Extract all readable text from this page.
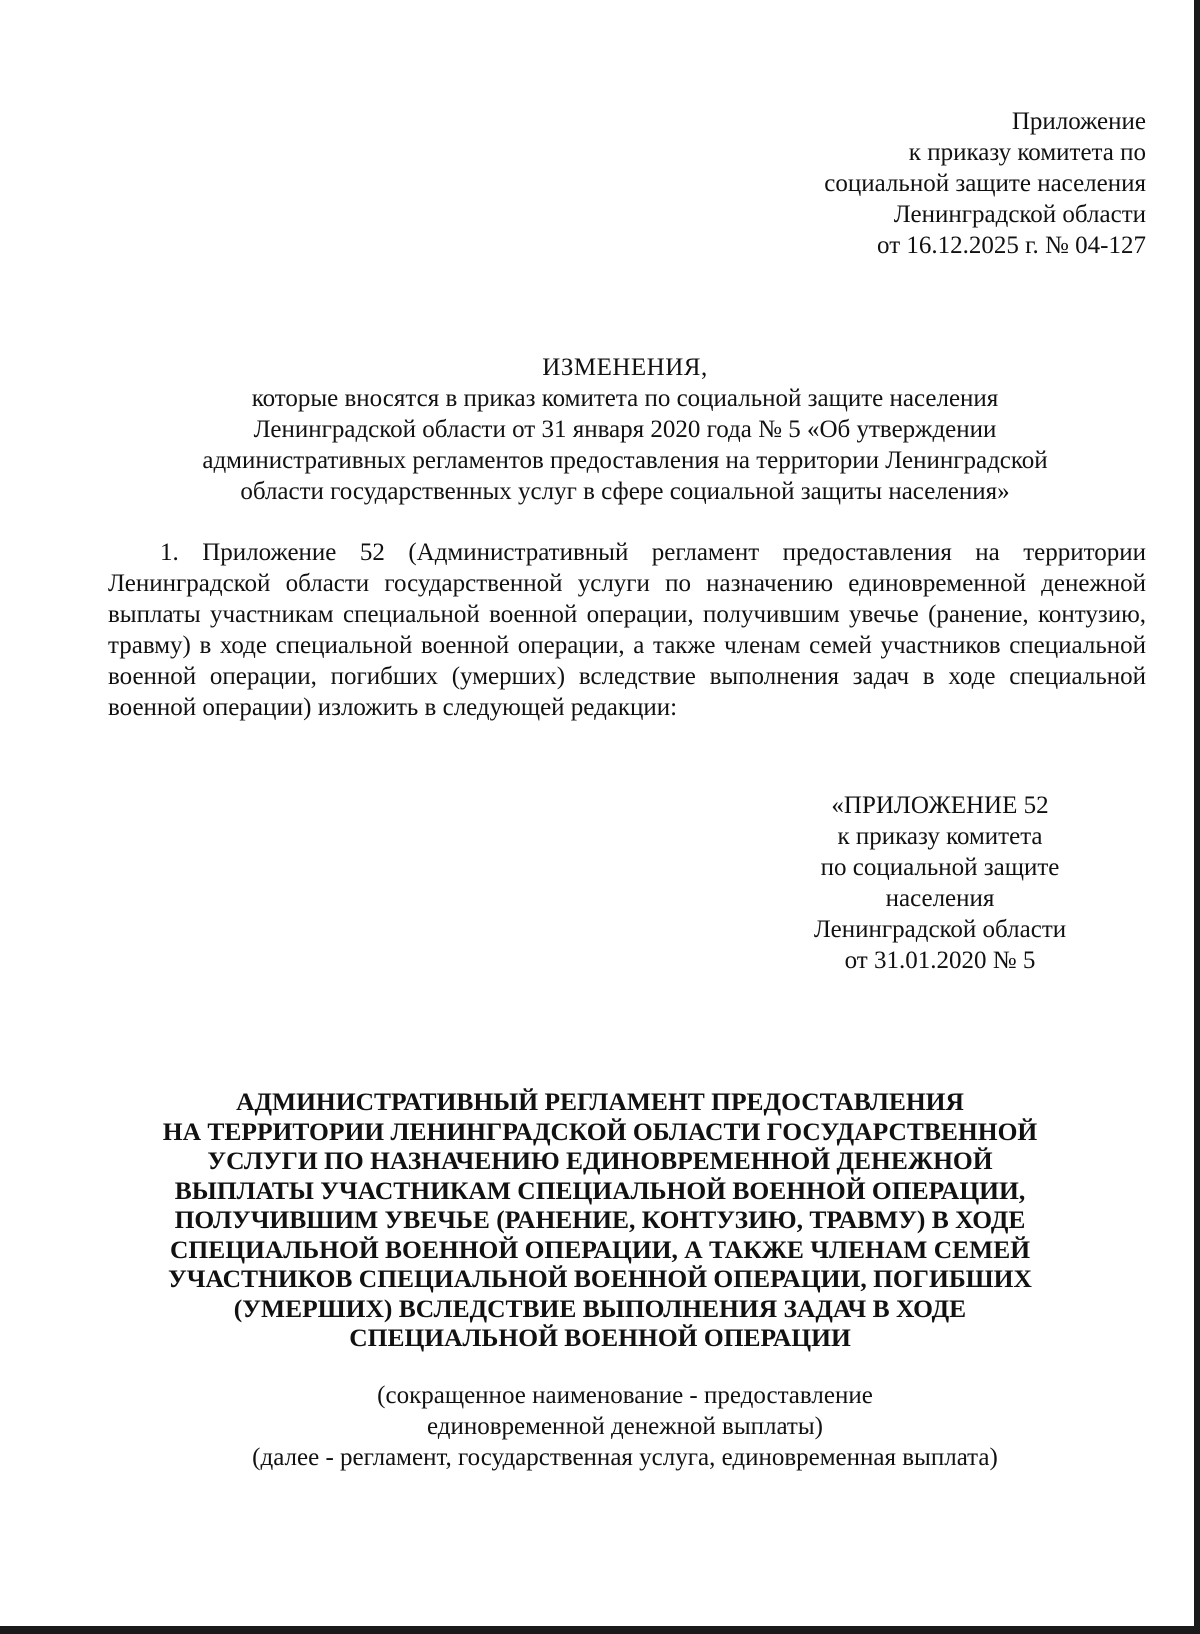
Приложение
к приказу комитета по
социальной защите населения
Ленинградской области
от 16.12.2025 г. № 04-127
ИЗМЕНЕНИЯ,
которые вносятся в приказ комитета по социальной защите населения
Ленинградской области от 31 января 2020 года № 5 «Об утверждении
административных регламентов предоставления на территории Ленинградской
области государственных услуг в сфере социальной защиты населения»
1. Приложение 52 (Административный регламент предоставления на территории Ленинградской области государственной услуги по назначению единовременной денежной выплаты участникам специальной военной операции, получившим увечье (ранение, контузию, травму) в ходе специальной военной операции, а также членам семей участников специальной военной операции, погибших (умерших) вследствие выполнения задач в ходе специальной военной операции) изложить в следующей редакции:
«ПРИЛОЖЕНИЕ 52
к приказу комитета
по социальной защите
населения
Ленинградской области
от 31.01.2020 № 5
АДМИНИСТРАТИВНЫЙ РЕГЛАМЕНТ ПРЕДОСТАВЛЕНИЯ
НА ТЕРРИТОРИИ ЛЕНИНГРАДСКОЙ ОБЛАСТИ ГОСУДАРСТВЕННОЙ
УСЛУГИ ПО НАЗНАЧЕНИЮ ЕДИНОВРЕМЕННОЙ ДЕНЕЖНОЙ
ВЫПЛАТЫ УЧАСТНИКАМ СПЕЦИАЛЬНОЙ ВОЕННОЙ ОПЕРАЦИИ,
ПОЛУЧИВШИМ УВЕЧЬЕ (РАНЕНИЕ, КОНТУЗИЮ, ТРАВМУ) В ХОДЕ
СПЕЦИАЛЬНОЙ ВОЕННОЙ ОПЕРАЦИИ, А ТАКЖЕ ЧЛЕНАМ СЕМЕЙ
УЧАСТНИКОВ СПЕЦИАЛЬНОЙ ВОЕННОЙ ОПЕРАЦИИ, ПОГИБШИХ
(УМЕРШИХ) ВСЛЕДСТВИЕ ВЫПОЛНЕНИЯ ЗАДАЧ В ХОДЕ
СПЕЦИАЛЬНОЙ ВОЕННОЙ ОПЕРАЦИИ
(сокращенное наименование - предоставление
единовременной денежной выплаты)
(далее - регламент, государственная услуга, единовременная выплата)
